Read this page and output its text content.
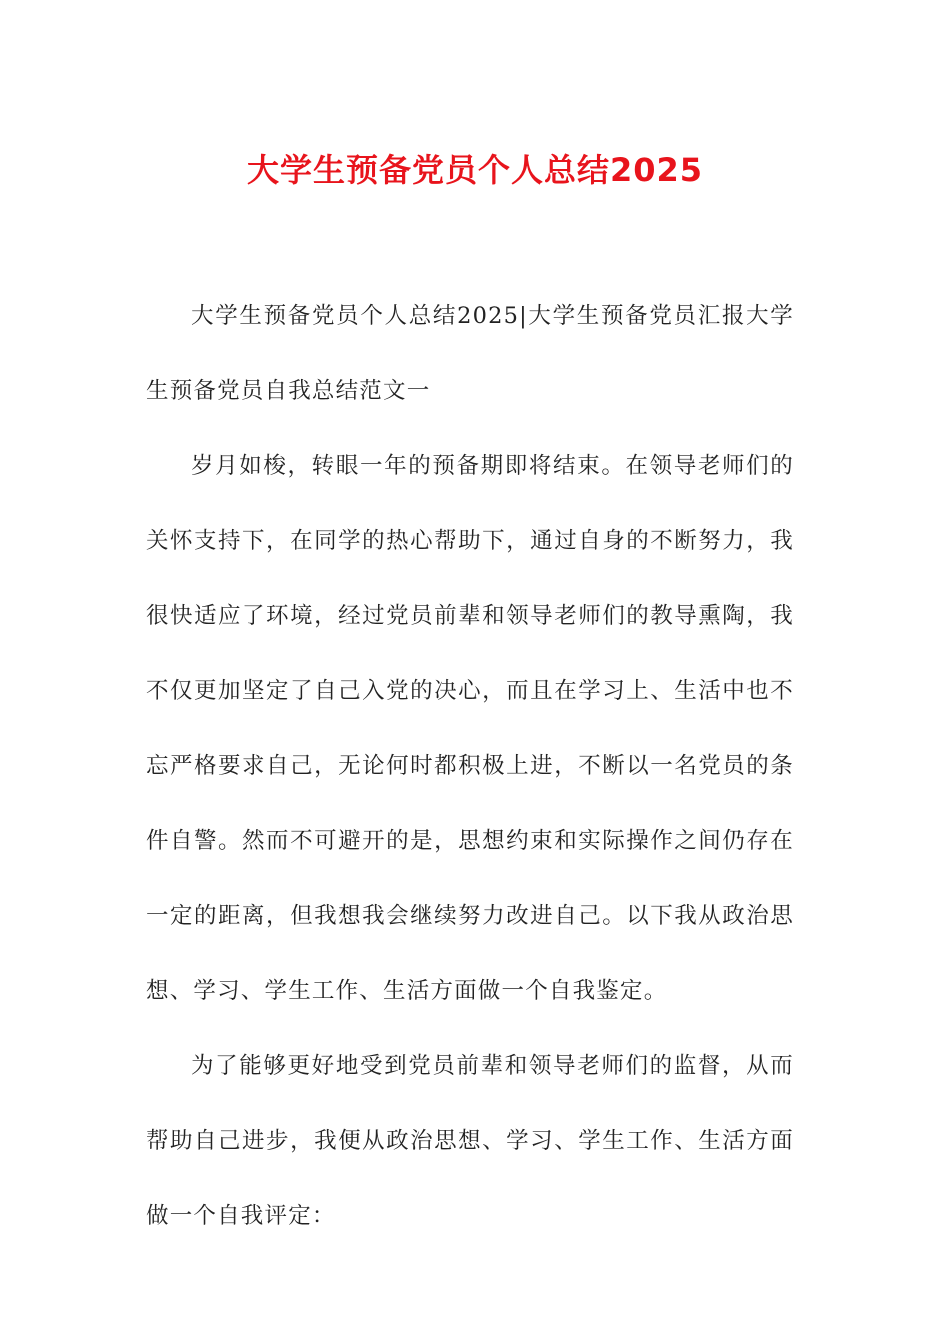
大学生预备党员个人总结2025

大学生预备党员个人总结2025|大学生预备党员汇报大学生预备党员自我总结范文一

岁月如梭，转眼一年的预备期即将结束。在领导老师们的关怀支持下，在同学的热心帮助下，通过自身的不断努力，我很快适应了环境，经过党员前辈和领导老师们的教导熏陶，我不仅更加坚定了自己入党的决心，而且在学习上、生活中也不忘严格要求自己，无论何时都积极上进，不断以一名党员的条件自警。然而不可避开的是，思想约束和实际操作之间仍存在一定的距离，但我想我会继续努力改进自己。以下我从政治思想、学习、学生工作、生活方面做一个自我鉴定。

为了能够更好地受到党员前辈和领导老师们的监督，从而帮助自己进步，我便从政治思想、学习、学生工作、生活方面做一个自我评定：
